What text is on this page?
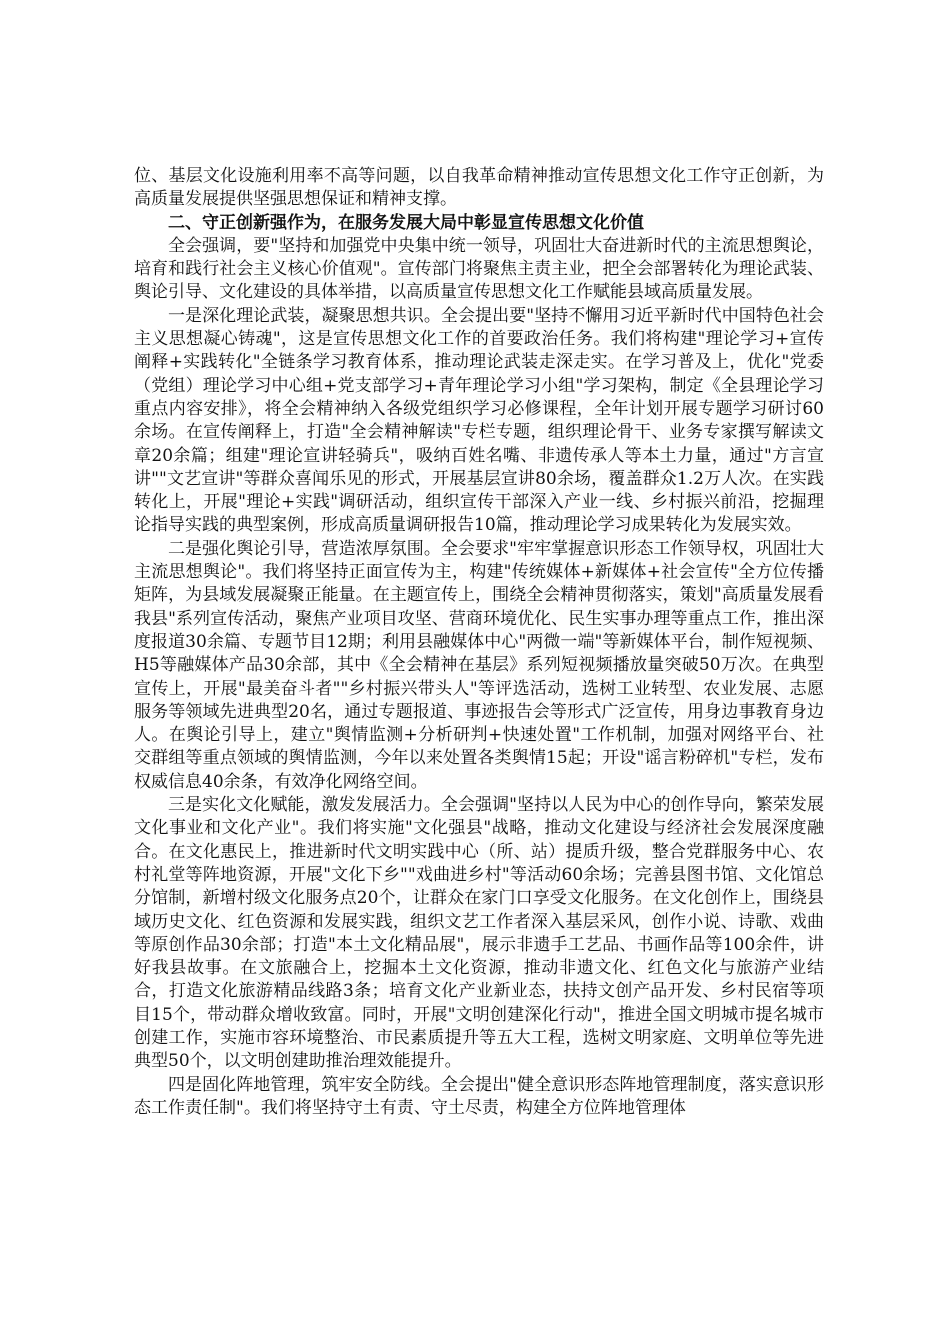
位、基层文化设施利用率不高等问题，以自我革命精神推动宣传思想文化工作守正创新，为高质量发展提供坚强思想保证和精神支撑。

二、守正创新强作为，在服务发展大局中彰显宣传思想文化价值

全会强调，要"坚持和加强党中央集中统一领导，巩固壮大奋进新时代的主流思想舆论，培育和践行社会主义核心价值观"。宣传部门将聚焦主责主业，把全会部署转化为理论武装、舆论引导、文化建设的具体举措，以高质量宣传思想文化工作赋能县域高质量发展。

一是深化理论武装，凝聚思想共识。全会提出要"坚持不懈用习近平新时代中国特色社会主义思想凝心铸魂"，这是宣传思想文化工作的首要政治任务。我们将构建"理论学习+宣传阐释+实践转化"全链条学习教育体系，推动理论武装走深走实。在学习普及上，优化"党委（党组）理论学习中心组+党支部学习+青年理论学习小组"学习架构，制定《全县理论学习重点内容安排》，将全会精神纳入各级党组织学习必修课程，全年计划开展专题学习研讨60余场。在宣传阐释上，打造"全会精神解读"专栏专题，组织理论骨干、业务专家撰写解读文章20余篇；组建"理论宣讲轻骑兵"，吸纳百姓名嘴、非遗传承人等本土力量，通过"方言宣讲""文艺宣讲"等群众喜闻乐见的形式，开展基层宣讲80余场，覆盖群众1.2万人次。在实践转化上，开展"理论+实践"调研活动，组织宣传干部深入产业一线、乡村振兴前沿，挖掘理论指导实践的典型案例，形成高质量调研报告10篇，推动理论学习成果转化为发展实效。

二是强化舆论引导，营造浓厚氛围。全会要求"牢牢掌握意识形态工作领导权，巩固壮大主流思想舆论"。我们将坚持正面宣传为主，构建"传统媒体+新媒体+社会宣传"全方位传播矩阵，为县域发展凝聚正能量。在主题宣传上，围绕全会精神贯彻落实，策划"高质量发展看我县"系列宣传活动，聚焦产业项目攻坚、营商环境优化、民生实事办理等重点工作，推出深度报道30余篇、专题节目12期；利用县融媒体中心"两微一端"等新媒体平台，制作短视频、H5等融媒体产品30余部，其中《全会精神在基层》系列短视频播放量突破50万次。在典型宣传上，开展"最美奋斗者""乡村振兴带头人"等评选活动，选树工业转型、农业发展、志愿服务等领域先进典型20名，通过专题报道、事迹报告会等形式广泛宣传，用身边事教育身边人。在舆论引导上，建立"舆情监测+分析研判+快速处置"工作机制，加强对网络平台、社交群组等重点领域的舆情监测，今年以来处置各类舆情15起；开设"谣言粉碎机"专栏，发布权威信息40余条，有效净化网络空间。

三是实化文化赋能，激发发展活力。全会强调"坚持以人民为中心的创作导向，繁荣发展文化事业和文化产业"。我们将实施"文化强县"战略，推动文化建设与经济社会发展深度融合。在文化惠民上，推进新时代文明实践中心（所、站）提质升级，整合党群服务中心、农村礼堂等阵地资源，开展"文化下乡""戏曲进乡村"等活动60余场；完善县图书馆、文化馆总分馆制，新增村级文化服务点20个，让群众在家门口享受文化服务。在文化创作上，围绕县域历史文化、红色资源和发展实践，组织文艺工作者深入基层采风，创作小说、诗歌、戏曲等原创作品30余部；打造"本土文化精品展"，展示非遗手工艺品、书画作品等100余件，讲好我县故事。在文旅融合上，挖掘本土文化资源，推动非遗文化、红色文化与旅游产业结合，打造文化旅游精品线路3条；培育文化产业新业态，扶持文创产品开发、乡村民宿等项目15个，带动群众增收致富。同时，开展"文明创建深化行动"，推进全国文明城市提名城市创建工作，实施市容环境整治、市民素质提升等五大工程，选树文明家庭、文明单位等先进典型50个，以文明创建助推治理效能提升。

四是固化阵地管理，筑牢安全防线。全会提出"健全意识形态阵地管理制度，落实意识形态工作责任制"。我们将坚持守土有责、守土尽责，构建全方位阵地管理体
